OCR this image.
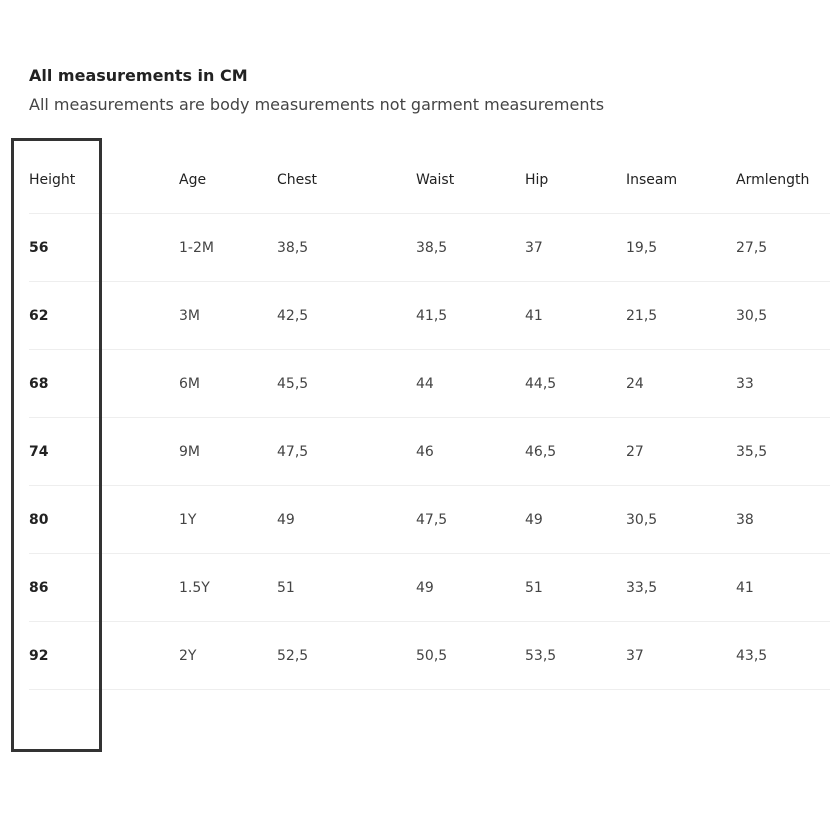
All measurements in CM
All measurements are body measurements not garment measurements
Height	Age	Chest	Waist	Hip	Inseam	Armlength
56	1-2M	38,5	38,5	37	19,5	27,5
62	3M	42,5	41,5	41	21,5	30,5
68	6M	45,5	44	44,5	24	33
74	9M	47,5	46	46,5	27	35,5
80	1Y	49	47,5	49	30,5	38
86	1.5Y	51	49	51	33,5	41
92	2Y	52,5	50,5	53,5	37	43,5
